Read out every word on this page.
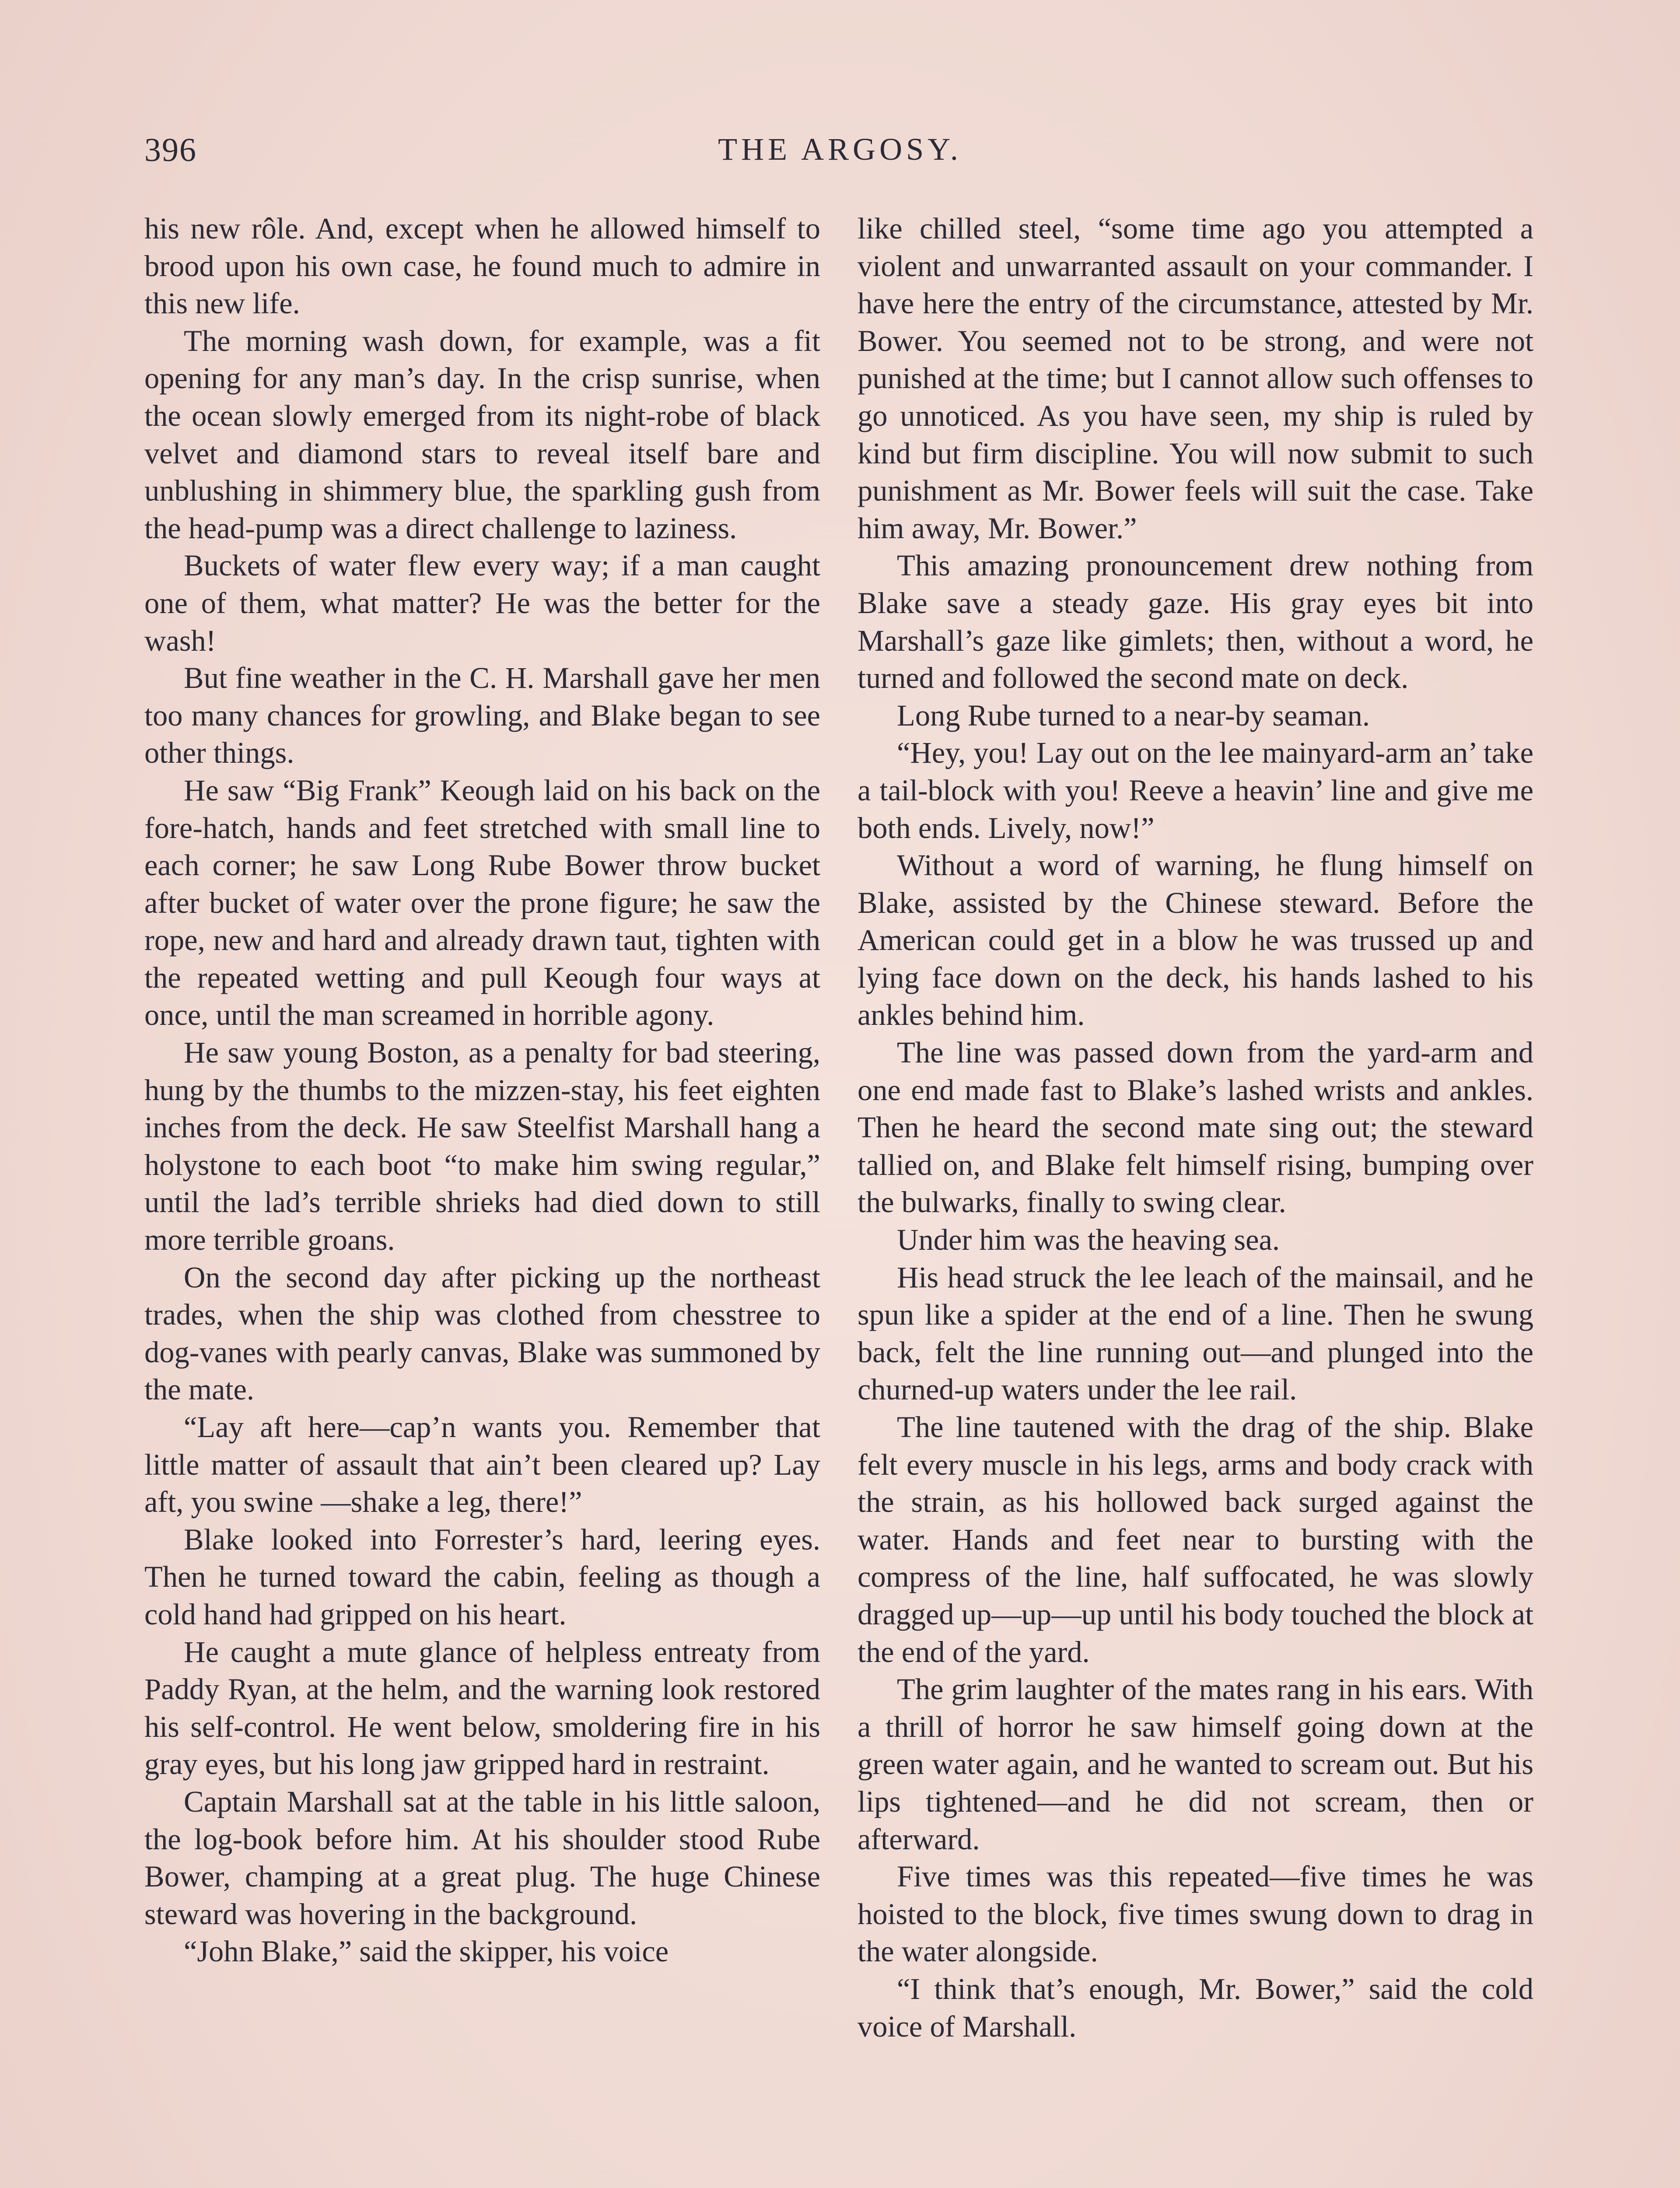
396	THE ARGOSY.

his new rôle. And, except when he allowed himself to brood upon his own case, he found much to admire in this new life.

The morning wash down, for example, was a fit opening for any man’s day. In the crisp sunrise, when the ocean slowly emerged from its night-robe of black velvet and diamond stars to reveal itself bare and unblushing in shimmery blue, the sparkling gush from the head-pump was a direct challenge to laziness.

Buckets of water flew every way; if a man caught one of them, what matter? He was the better for the wash!

But fine weather in the C. H. Marshall gave her men too many chances for growling, and Blake began to see other things.

He saw “Big Frank” Keough laid on his back on the fore-hatch, hands and feet stretched with small line to each corner; he saw Long Rube Bower throw bucket after bucket of water over the prone figure; he saw the rope, new and hard and already drawn taut, tighten with the repeated wetting and pull Keough four ways at once, until the man screamed in horrible agony.

He saw young Boston, as a penalty for bad steering, hung by the thumbs to the mizzen-stay, his feet eighten inches from the deck. He saw Steelfist Marshall hang a holystone to each boot “to make him swing regular,” until the lad’s terrible shrieks had died down to still more terrible groans.

On the second day after picking up the northeast trades, when the ship was clothed from chesstree to dog-vanes with pearly canvas, Blake was summoned by the mate.

“Lay aft here—cap’n wants you. Remember that little matter of assault that ain’t been cleared up? Lay aft, you swine —shake a leg, there!”

Blake looked into Forrester’s hard, leering eyes. Then he turned toward the cabin, feeling as though a cold hand had gripped on his heart.

He caught a mute glance of helpless entreaty from Paddy Ryan, at the helm, and the warning look restored his self-control. He went below, smoldering fire in his gray eyes, but his long jaw gripped hard in restraint.

Captain Marshall sat at the table in his little saloon, the log-book before him. At his shoulder stood Rube Bower, champing at a great plug. The huge Chinese steward was hovering in the background.

“John Blake,” said the skipper, his voice

like chilled steel, “some time ago you attempted a violent and unwarranted assault on your commander. I have here the entry of the circumstance, attested by Mr. Bower. You seemed not to be strong, and were not punished at the time; but I cannot allow such offenses to go unnoticed. As you have seen, my ship is ruled by kind but firm discipline. You will now submit to such punishment as Mr. Bower feels will suit the case. Take him away, Mr. Bower.”

This amazing pronouncement drew nothing from Blake save a steady gaze. His gray eyes bit into Marshall’s gaze like gimlets; then, without a word, he turned and followed the second mate on deck.

Long Rube turned to a near-by seaman.

“Hey, you! Lay out on the lee mainyard-arm an’ take a tail-block with you! Reeve a heavin’ line and give me both ends. Lively, now!”

Without a word of warning, he flung himself on Blake, assisted by the Chinese steward. Before the American could get in a blow he was trussed up and lying face down on the deck, his hands lashed to his ankles behind him.

The line was passed down from the yard-arm and one end made fast to Blake’s lashed wrists and ankles. Then he heard the second mate sing out; the steward tallied on, and Blake felt himself rising, bumping over the bulwarks, finally to swing clear.

Under him was the heaving sea.

His head struck the lee leach of the mainsail, and he spun like a spider at the end of a line. Then he swung back, felt the line running out—and plunged into the churned-up waters under the lee rail.

The line tautened with the drag of the ship. Blake felt every muscle in his legs, arms and body crack with the strain, as his hollowed back surged against the water. Hands and feet near to bursting with the compress of the line, half suffocated, he was slowly dragged up—up—up until his body touched the block at the end of the yard.

The grim laughter of the mates rang in his ears. With a thrill of horror he saw himself going down at the green water again, and he wanted to scream out. But his lips tightened—and he did not scream, then or afterward.

Five times was this repeated—five times he was hoisted to the block, five times swung down to drag in the water alongside.

“I think that’s enough, Mr. Bower,” said the cold voice of Marshall.
